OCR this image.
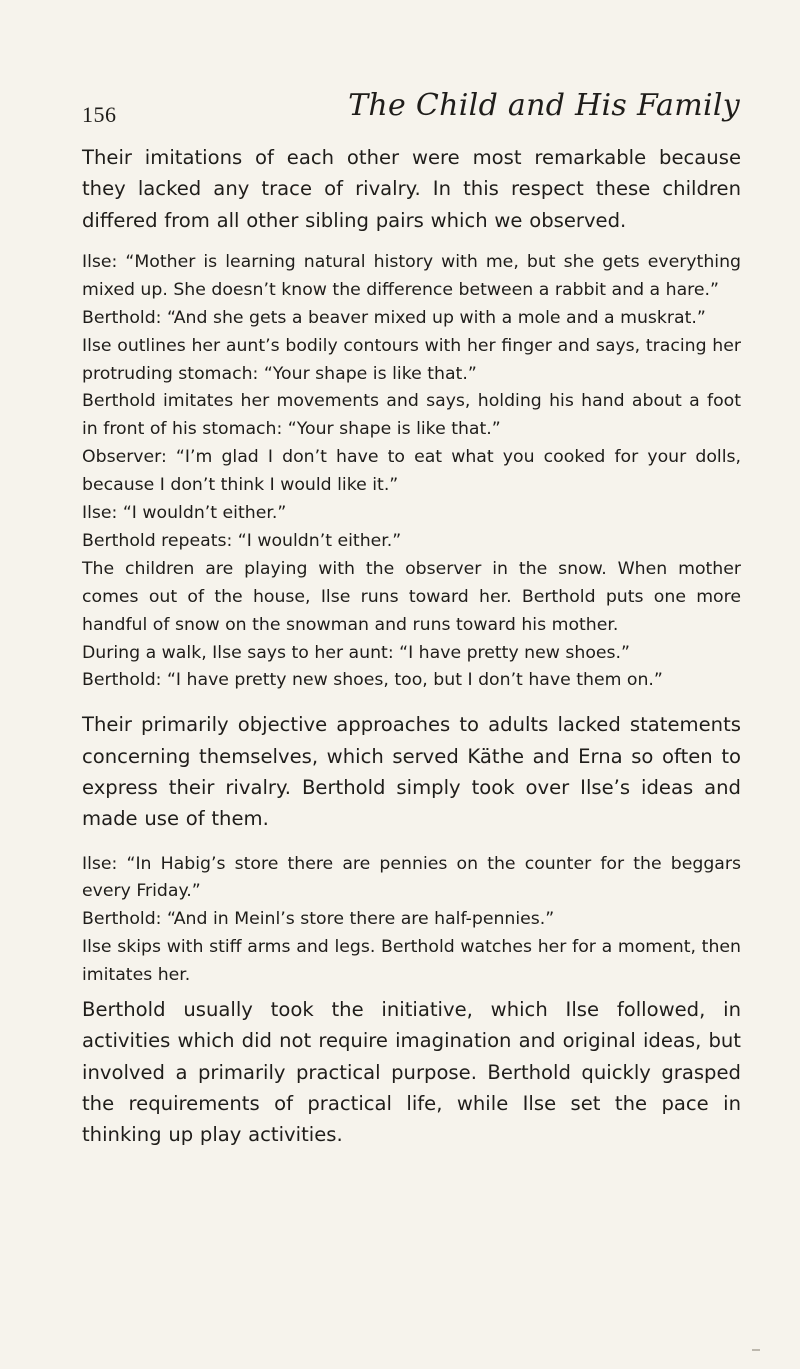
156	The Child and His Family

Their imitations of each other were most remarkable because they lacked any trace of rivalry. In this respect these children differed from all other sibling pairs which we observed.

Ilse: “Mother is learning natural history with me, but she gets everything mixed up. She doesn’t know the difference between a rabbit and a hare.”

Berthold: “And she gets a beaver mixed up with a mole and a muskrat.”

Ilse outlines her aunt’s bodily contours with her finger and says, tracing her protruding stomach: “Your shape is like that.”

Berthold imitates her movements and says, holding his hand about a foot in front of his stomach: “Your shape is like that.”

Observer: “I’m glad I don’t have to eat what you cooked for your dolls, because I don’t think I would like it.”

Ilse: “I wouldn’t either.”

Berthold repeats: “I wouldn’t either.”

The children are playing with the observer in the snow. When mother comes out of the house, Ilse runs toward her. Berthold puts one more handful of snow on the snowman and runs toward his mother.

During a walk, Ilse says to her aunt: “I have pretty new shoes.”

Berthold: “I have pretty new shoes, too, but I don’t have them on.”

Their primarily objective approaches to adults lacked statements concerning themselves, which served Käthe and Erna so often to express their rivalry. Berthold simply took over Ilse’s ideas and made use of them.

Ilse: “In Habig’s store there are pennies on the counter for the beggars every Friday.”

Berthold: “And in Meinl’s store there are half-pennies.”

Ilse skips with stiff arms and legs. Berthold watches her for a moment, then imitates her.

Berthold usually took the initiative, which Ilse followed, in activities which did not require imagination and original ideas, but involved a primarily practical purpose. Berthold quickly grasped the requirements of practical life, while Ilse set the pace in thinking up play activities.
